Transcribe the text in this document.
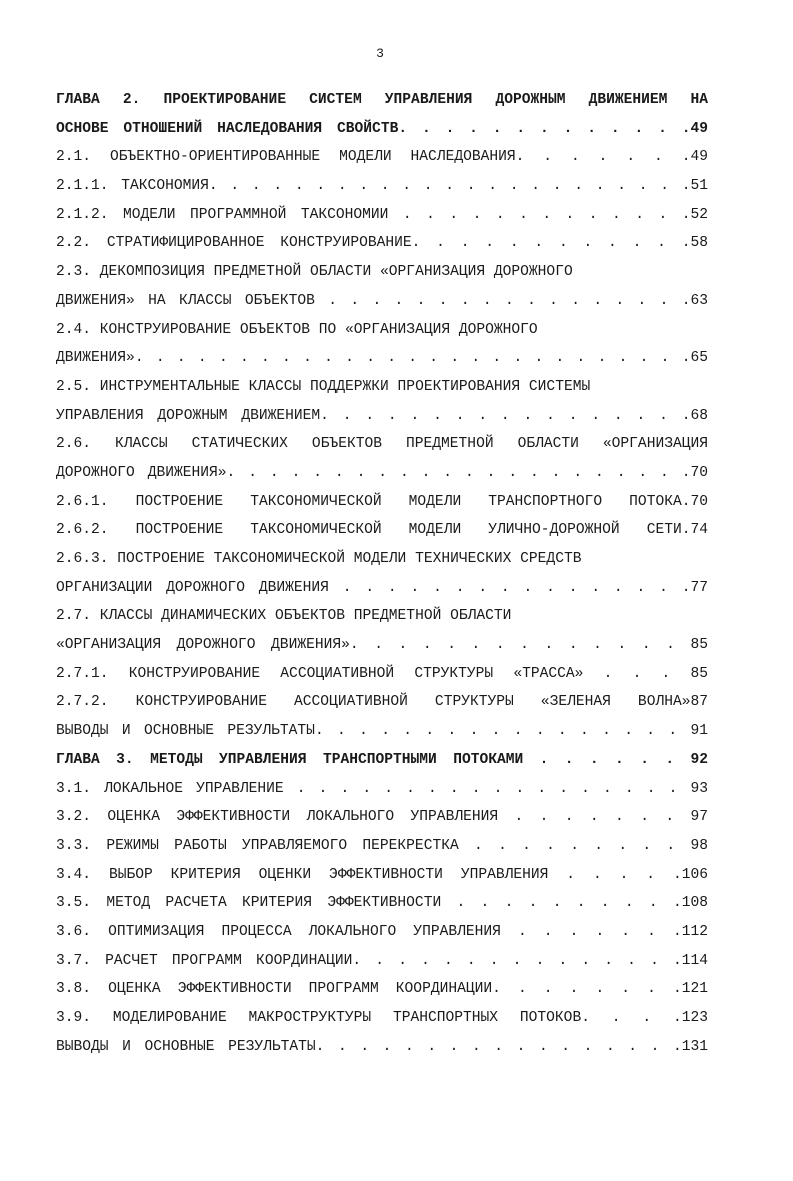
3
ГЛАВА 2. ПРОЕКТИРОВАНИЕ СИСТЕМ УПРАВЛЕНИЯ ДОРОЖНЫМ ДВИЖЕНИЕМ НА
ОСНОВЕ ОТНОШЕНИЙ НАСЛЕДОВАНИЯ СВОЙСТВ. . . . . . . . . . . . .49
2.1. ОБЪЕКТНО-ОРИЕНТИРОВАННЫЕ МОДЕЛИ НАСЛЕДОВАНИЯ. . . . . . .49
2.1.1. ТАКСОНОМИЯ. . . . . . . . . . . . . . . . . . . . . . .51
2.1.2. МОДЕЛИ ПРОГРАММНОЙ ТАКСОНОМИИ . . . . . . . . . . . . .52
2.2. СТРАТИФИЦИРОВАННОЕ КОНСТРУИРОВАНИЕ. . . . . . . . . . . .58
2.3. ДЕКОМПОЗИЦИЯ ПРЕДМЕТНОЙ ОБЛАСТИ «ОРГАНИЗАЦИЯ ДОРОЖНОГО
ДВИЖЕНИЯ» НА КЛАССЫ ОБЪЕКТОВ . . . . . . . . . . . . . . . . .63
2.4. КОНСТРУИРОВАНИЕ ОБЪЕКТОВ ПО «ОРГАНИЗАЦИЯ ДОРОЖНОГО
ДВИЖЕНИЯ». . . . . . . . . . . . . . . . . . . . . . . . . . .65
2.5. ИНСТРУМЕНТАЛЬНЫЕ КЛАССЫ ПОДДЕРЖКИ ПРОЕКТИРОВАНИЯ СИСТЕМЫ
УПРАВЛЕНИЯ ДОРОЖНЫМ ДВИЖЕНИЕМ. . . . . . . . . . . . . . . . .68
2.6. КЛАССЫ СТАТИЧЕСКИХ ОБЪЕКТОВ ПРЕДМЕТНОЙ ОБЛАСТИ «ОРГАНИЗАЦИЯ
ДОРОЖНОГО ДВИЖЕНИЯ». . . . . . . . . . . . . . . . . . . . . .70
2.6.1. ПОСТРОЕНИЕ ТАКСОНОМИЧЕСКОЙ МОДЕЛИ ТРАНСПОРТНОГО ПОТОКА.70
2.6.2. ПОСТРОЕНИЕ ТАКСОНОМИЧЕСКОЙ МОДЕЛИ УЛИЧНО-ДОРОЖНОЙ СЕТИ.74
2.6.3. ПОСТРОЕНИЕ ТАКСОНОМИЧЕСКОЙ МОДЕЛИ ТЕХНИЧЕСКИХ СРЕДСТВ
ОРГАНИЗАЦИИ ДОРОЖНОГО ДВИЖЕНИЯ . . . . . . . . . . . . . . . .77
2.7. КЛАССЫ ДИНАМИЧЕСКИХ ОБЪЕКТОВ ПРЕДМЕТНОЙ ОБЛАСТИ
«ОРГАНИЗАЦИЯ ДОРОЖНОГО ДВИЖЕНИЯ». . . . . . . . . . . . . . 85
2.7.1. КОНСТРУИРОВАНИЕ АССОЦИАТИВНОЙ СТРУКТУРЫ «ТРАССА» . . . 85
2.7.2. КОНСТРУИРОВАНИЕ АССОЦИАТИВНОЙ СТРУКТУРЫ «ЗЕЛЕНАЯ ВОЛНА»87
ВЫВОДЫ И ОСНОВНЫЕ РЕЗУЛЬТАТЫ. . . . . . . . . . . . . . . . . 91
ГЛАВА 3. МЕТОДЫ УПРАВЛЕНИЯ ТРАНСПОРТНЫМИ ПОТОКАМИ . . . . . . 92
3.1. ЛОКАЛЬНОЕ УПРАВЛЕНИЕ . . . . . . . . . . . . . . . . . . 93
3.2. ОЦЕНКА ЭФФЕКТИВНОСТИ ЛОКАЛЬНОГО УПРАВЛЕНИЯ . . . . . . . 97
3.3. РЕЖИМЫ РАБОТЫ УПРАВЛЯЕМОГО ПЕРЕКРЕСТКА . . . . . . . . . 98
3.4. ВЫБОР КРИТЕРИЯ ОЦЕНКИ ЭФФЕКТИВНОСТИ УПРАВЛЕНИЯ . . . . .106
3.5. МЕТОД РАСЧЕТА КРИТЕРИЯ ЭФФЕКТИВНОСТИ . . . . . . . . . .108
3.6. ОПТИМИЗАЦИЯ ПРОЦЕССА ЛОКАЛЬНОГО УПРАВЛЕНИЯ . . . . . . .112
3.7. РАСЧЕТ ПРОГРАММ КООРДИНАЦИИ. . . . . . . . . . . . . . .114
3.8. ОЦЕНКА ЭФФЕКТИВНОСТИ ПРОГРАММ КООРДИНАЦИИ. . . . . . . .121
3.9. МОДЕЛИРОВАНИЕ МАКРОСТРУКТУРЫ ТРАНСПОРТНЫХ ПОТОКОВ. . . .123
ВЫВОДЫ И ОСНОВНЫЕ РЕЗУЛЬТАТЫ. . . . . . . . . . . . . . . . .131
